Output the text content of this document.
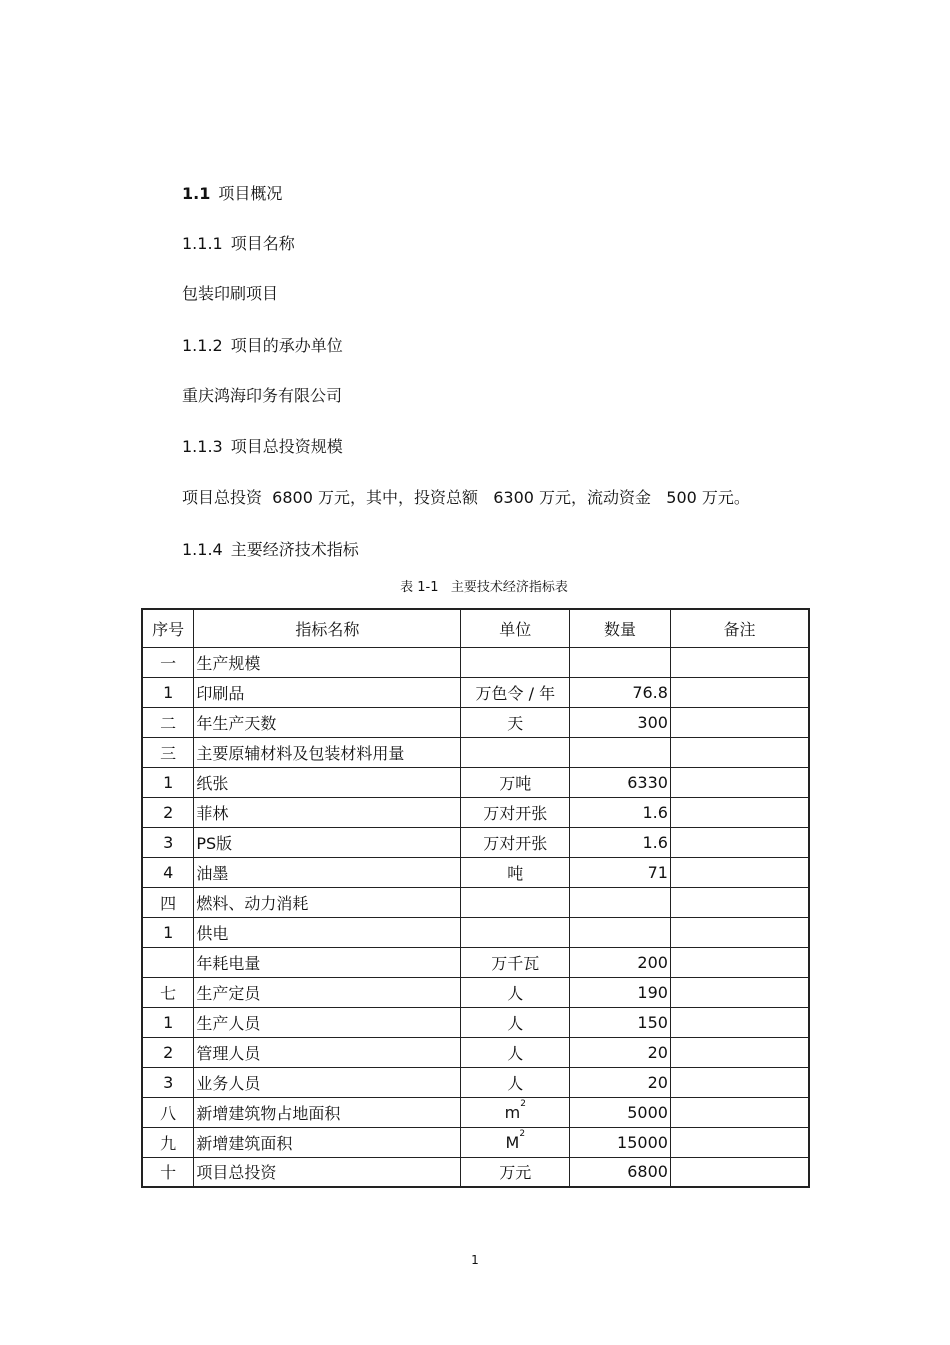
1.1 项目概况
1.1.1 项目名称
包装印刷项目
1.1.2 项目的承办单位
重庆鸿海印务有限公司
1.1.3 项目总投资规模
项目总投资  6800 万元，其中，投资总额   6300 万元，流动资金   500 万元。
1.1.4 主要经济技术指标
表 1-1   主要技术经济指标表
序号	指标名称	单位	数量	备注
一	生产规模			
1	印刷品	万色令 / 年	76.8	
二	年生产天数	天	300	
三	主要原辅材料及包装材料用量			
1	纸张	万吨	6330	
2	菲林	万对开张	1.6	
3	PS版	万对开张	1.6	
4	油墨	吨	71	
四	燃料、动力消耗			
1	供电			
	年耗电量	万千瓦	200	
七	生产定员	人	190	
1	生产人员	人	150	
2	管理人员	人	20	
3	业务人员	人	20	
八	新增建筑物占地面积	$m^2$	5000	
九	新增建筑面积	$M^2$	15000	
十	项目总投资	万元	6800	
1
